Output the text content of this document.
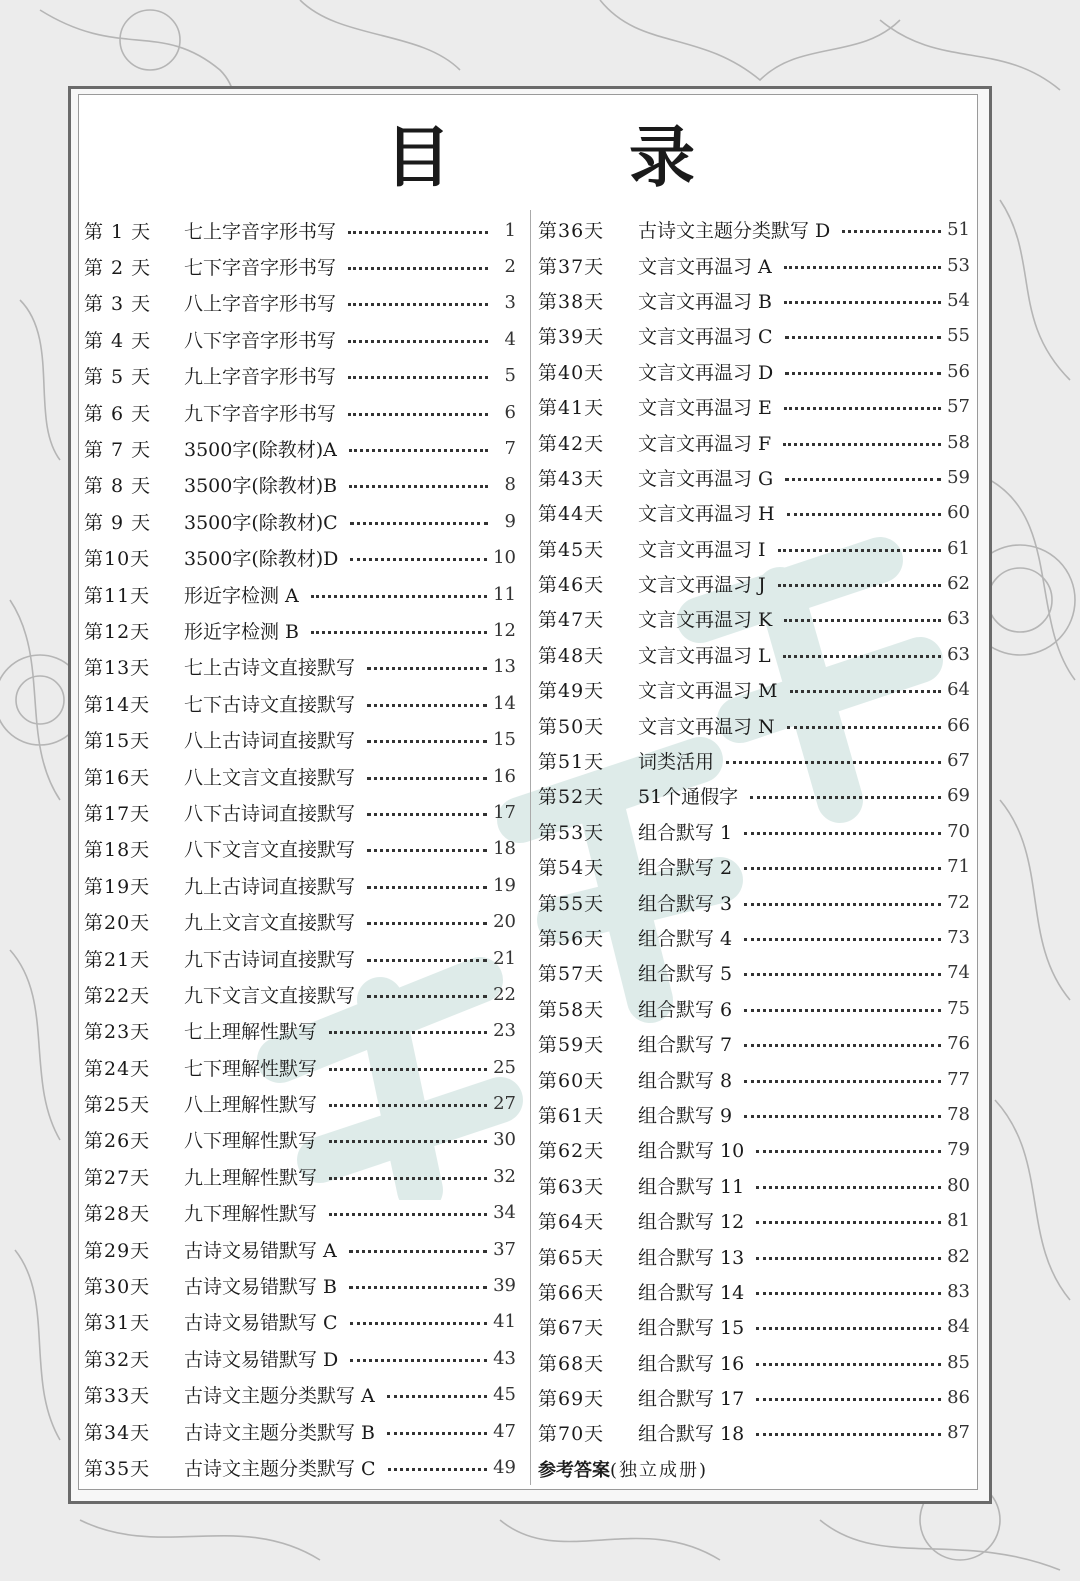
目　录
第 1 天	七上字音字形书写	1
第 2 天	七下字音字形书写	2
第 3 天	八上字音字形书写	3
第 4 天	八下字音字形书写	4
第 5 天	九上字音字形书写	5
第 6 天	九下字音字形书写	6
第 7 天	3500字(除教材)A	7
第 8 天	3500字(除教材)B	8
第 9 天	3500字(除教材)C	9
第10天	3500字(除教材)D	10
第11天	形近字检测 A	11
第12天	形近字检测 B	12
第13天	七上古诗文直接默写	13
第14天	七下古诗文直接默写	14
第15天	八上古诗词直接默写	15
第16天	八上文言文直接默写	16
第17天	八下古诗词直接默写	17
第18天	八下文言文直接默写	18
第19天	九上古诗词直接默写	19
第20天	九上文言文直接默写	20
第21天	九下古诗词直接默写	21
第22天	九下文言文直接默写	22
第23天	七上理解性默写	23
第24天	七下理解性默写	25
第25天	八上理解性默写	27
第26天	八下理解性默写	30
第27天	九上理解性默写	32
第28天	九下理解性默写	34
第29天	古诗文易错默写 A	37
第30天	古诗文易错默写 B	39
第31天	古诗文易错默写 C	41
第32天	古诗文易错默写 D	43
第33天	古诗文主题分类默写 A	45
第34天	古诗文主题分类默写 B	47
第35天	古诗文主题分类默写 C	49
第36天	古诗文主题分类默写 D	51
第37天	文言文再温习 A	53
第38天	文言文再温习 B	54
第39天	文言文再温习 C	55
第40天	文言文再温习 D	56
第41天	文言文再温习 E	57
第42天	文言文再温习 F	58
第43天	文言文再温习 G	59
第44天	文言文再温习 H	60
第45天	文言文再温习 I	61
第46天	文言文再温习 J	62
第47天	文言文再温习 K	63
第48天	文言文再温习 L	63
第49天	文言文再温习 M	64
第50天	文言文再温习 N	66
第51天	词类活用	67
第52天	51个通假字	69
第53天	组合默写 1	70
第54天	组合默写 2	71
第55天	组合默写 3	72
第56天	组合默写 4	73
第57天	组合默写 5	74
第58天	组合默写 6	75
第59天	组合默写 7	76
第60天	组合默写 8	77
第61天	组合默写 9	78
第62天	组合默写 10	79
第63天	组合默写 11	80
第64天	组合默写 12	81
第65天	组合默写 13	82
第66天	组合默写 14	83
第67天	组合默写 15	84
第68天	组合默写 16	85
第69天	组合默写 17	86
第70天	组合默写 18	87
参考答案(独立成册)
